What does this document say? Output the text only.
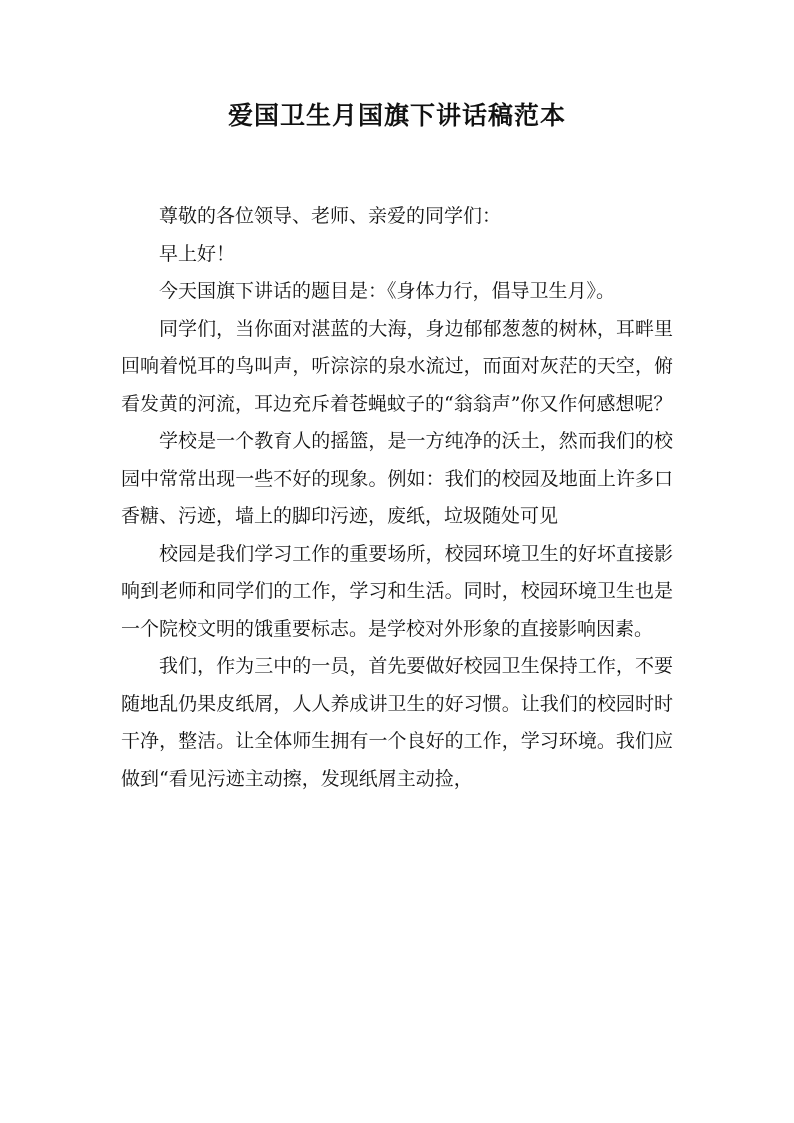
爱国卫生月国旗下讲话稿范本

尊敬的各位领导、老师、亲爱的同学们：

早上好！

今天国旗下讲话的题目是：《身体力行，倡导卫生月》。

同学们，当你面对湛蓝的大海，身边郁郁葱葱的树林，耳畔里回响着悦耳的鸟叫声，听淙淙的泉水流过，而面对灰茫的天空，俯看发黄的河流，耳边充斥着苍蝇蚊子的“翁翁声”你又作何感想呢？

学校是一个教育人的摇篮，是一方纯净的沃土，然而我们的校园中常常出现一些不好的现象。例如：我们的校园及地面上许多口香糖、污迹，墙上的脚印污迹，废纸，垃圾随处可见

校园是我们学习工作的重要场所，校园环境卫生的好坏直接影响到老师和同学们的工作，学习和生活。同时，校园环境卫生也是一个院校文明的饿重要标志。是学校对外形象的直接影响因素。

我们，作为三中的一员，首先要做好校园卫生保持工作，不要随地乱仍果皮纸屑，人人养成讲卫生的好习惯。让我们的校园时时干净，整洁。让全体师生拥有一个良好的工作，学习环境。我们应做到“看见污迹主动擦，发现纸屑主动捡，
